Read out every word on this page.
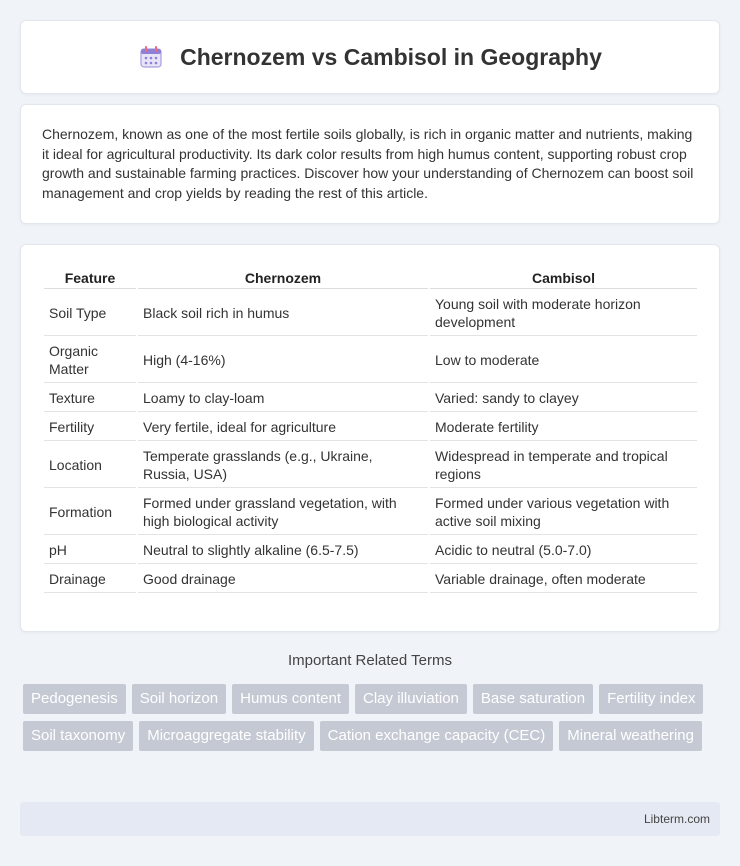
Chernozem vs Cambisol in Geography

Chernozem, known as one of the most fertile soils globally, is rich in organic matter and nutrients, making it ideal for agricultural productivity. Its dark color results from high humus content, supporting robust crop growth and sustainable farming practices. Discover how your understanding of Chernozem can boost soil management and crop yields by reading the rest of this article.

Feature	Chernozem	Cambisol
Soil Type	Black soil rich in humus	Young soil with moderate horizon development
Organic Matter	High (4-16%)	Low to moderate
Texture	Loamy to clay-loam	Varied: sandy to clayey
Fertility	Very fertile, ideal for agriculture	Moderate fertility
Location	Temperate grasslands (e.g., Ukraine, Russia, USA)	Widespread in temperate and tropical regions
Formation	Formed under grassland vegetation, with high biological activity	Formed under various vegetation with active soil mixing
pH	Neutral to slightly alkaline (6.5-7.5)	Acidic to neutral (5.0-7.0)
Drainage	Good drainage	Variable drainage, often moderate
Important Related Terms
Pedogenesis	Soil horizon	Humus content	Clay illuviation	Base saturation	Fertility index
Soil taxonomy	Microaggregate stability	Cation exchange capacity (CEC)	Mineral weathering
Libterm.com
